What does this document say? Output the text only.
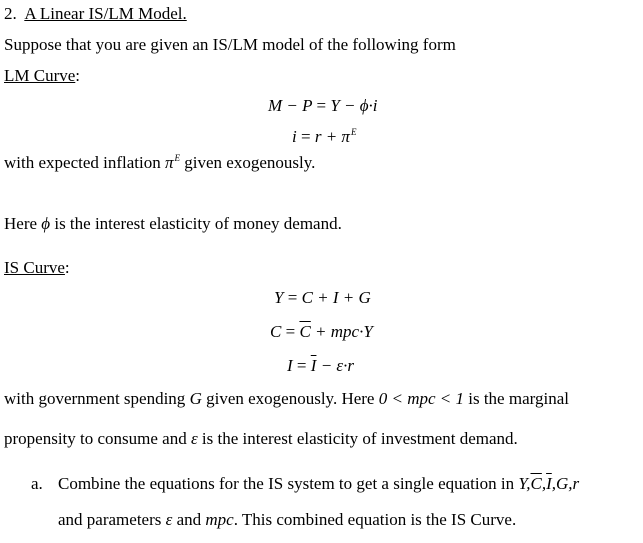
2. A Linear IS/LM Model.
Suppose that you are given an IS/LM model of the following form
LM Curve:
M − P = Y − ϕ·i
$i = r + \pi^E$
with expected inflation $\pi^E$ given exogenously.
Here ϕ is the interest elasticity of money demand.
IS Curve:
Y = C + I + G
$C = \overline{C} + mpc\cdot Y$
$I = \overline{I} - \varepsilon\cdot r$
with government spending G given exogenously. Here 0 < mpc < 1 is the marginal
propensity to consume and ε is the interest elasticity of investment demand.
a. Combine the equations for the IS system to get a single equation in $Y,\overline{C},\overline{I},G,r$
and parameters ε and mpc. This combined equation is the IS Curve.
